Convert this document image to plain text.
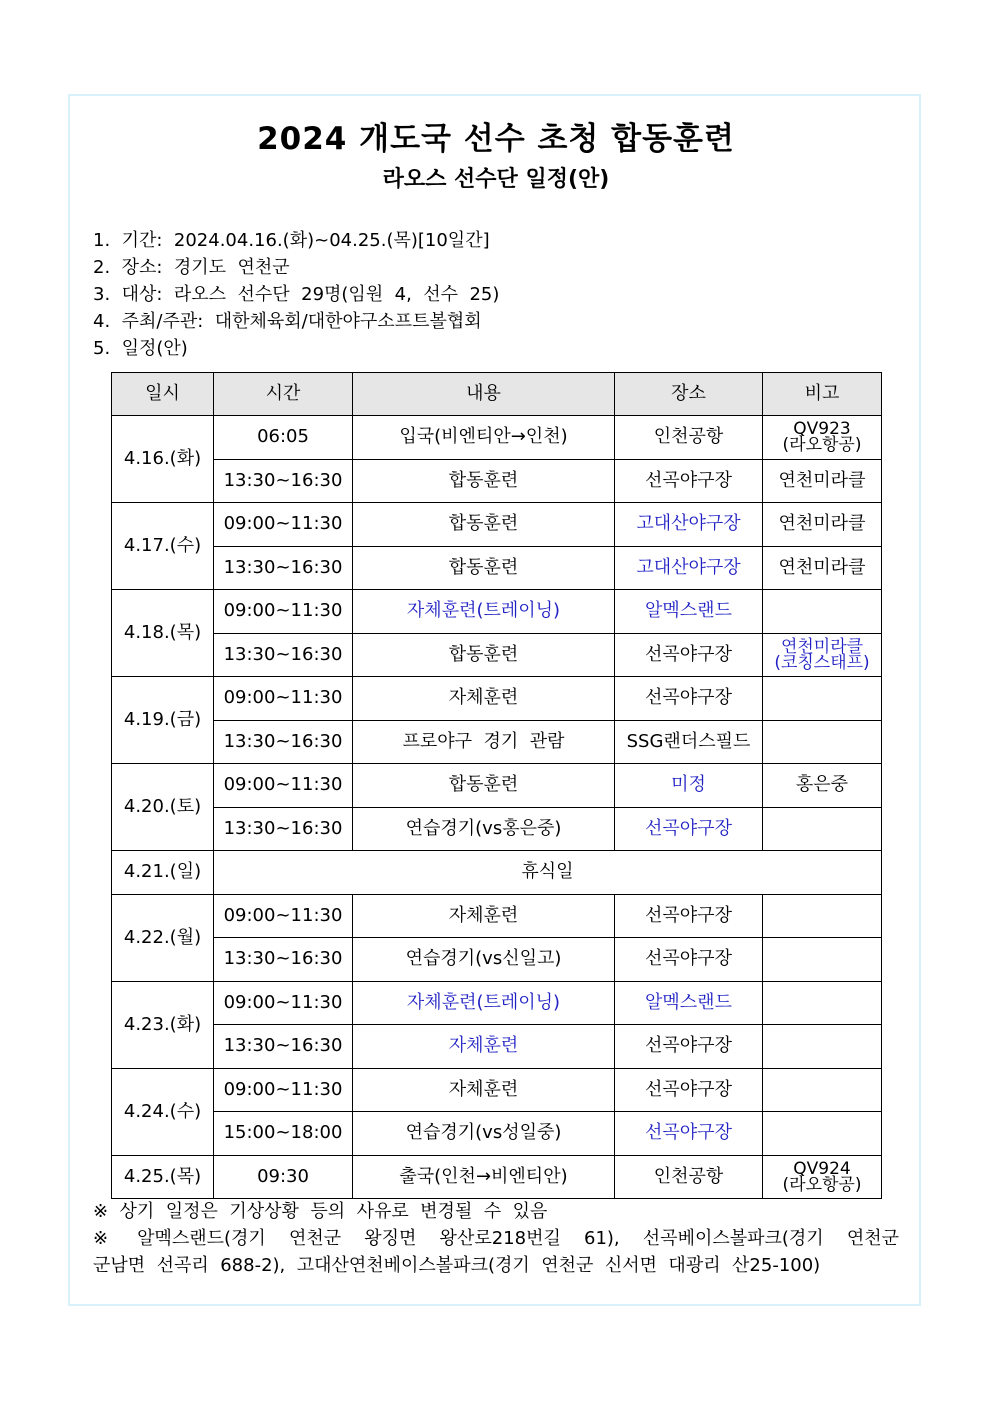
2024 개도국 선수 초청 합동훈련
라오스 선수단 일정(안)
1.  기간:  2024.04.16.(화)~04.25.(목)[10일간]
2.  장소:  경기도  연천군
3.  대상:  라오스  선수단  29명(임원  4,  선수  25)
4.  주최/주관:  대한체육회/대한야구소프트볼협회
5.  일정(안)
일시	시간	내용	장소	비고
4.16.(화)	06:05	입국(비엔티안→인천)	인천공항	QV923
(라오항공)
	13:30~16:30	합동훈련	선곡야구장	연천미라클
4.17.(수)	09:00~11:30	합동훈련	고대산야구장	연천미라클
	13:30~16:30	합동훈련	고대산야구장	연천미라클
4.18.(목)	09:00~11:30	자체훈련(트레이닝)	알멕스랜드	
	13:30~16:30	합동훈련	선곡야구장	연천미라클
(코칭스태프)
4.19.(금)	09:00~11:30	자체훈련	선곡야구장	
	13:30~16:30	프로야구  경기  관람	SSG랜더스필드	
4.20.(토)	09:00~11:30	합동훈련	미정	홍은중
	13:30~16:30	연습경기(vs홍은중)	선곡야구장	
4.21.(일)	휴식일			
4.22.(월)	09:00~11:30	자체훈련	선곡야구장	
	13:30~16:30	연습경기(vs신일고)	선곡야구장	
4.23.(화)	09:00~11:30	자체훈련(트레이닝)	알멕스랜드	
	13:30~16:30	자체훈련	선곡야구장	
4.24.(수)	09:00~11:30	자체훈련	선곡야구장	
	15:00~18:00	연습경기(vs성일중)	선곡야구장	
4.25.(목)	09:30	출국(인천→비엔티안)	인천공항	QV924
(라오항공)
※  상기  일정은  기상상황  등의  사유로  변경될  수  있음
※  알멕스랜드(경기  연천군  왕징면  왕산로218번길  61),  선곡베이스볼파크(경기  연천군
군남면  선곡리  688-2),  고대산연천베이스볼파크(경기  연천군  신서면  대광리  산25-100)
